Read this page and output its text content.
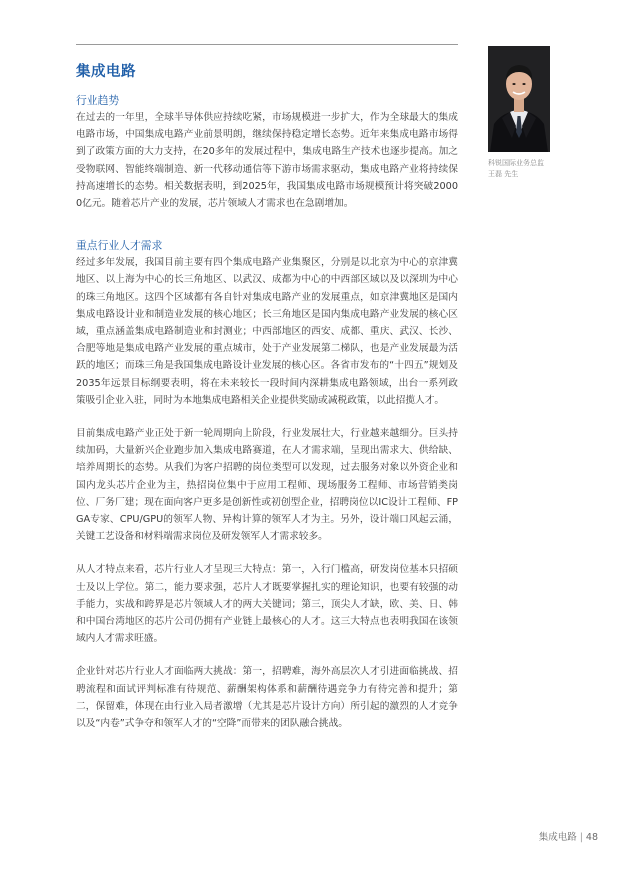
集成电路
科锐国际业务总监
王磊 先生
行业趋势

在过去的一年里，全球半导体供应持续吃紧，市场规模进一步扩大，作为全球最大的集成电路市场，中国集成电路产业前景明朗，继续保持稳定增长态势。近年来集成电路市场得到了政策方面的大力支持，在20多年的发展过程中，集成电路生产技术也逐步提高。加之受物联网、智能终端制造、新一代移动通信等下游市场需求驱动，集成电路产业将持续保持高速增长的态势。相关数据表明，到2025年，我国集成电路市场规模预计将突破20000亿元。随着芯片产业的发展，芯片领域人才需求也在急剧增加。

重点行业人才需求

经过多年发展，我国目前主要有四个集成电路产业集聚区，分别是以北京为中心的京津冀地区、以上海为中心的长三角地区、以武汉、成都为中心的中西部区域以及以深圳为中心的珠三角地区。这四个区域都有各自针对集成电路产业的发展重点，如京津冀地区是国内集成电路设计业和制造业发展的核心地区；长三角地区是国内集成电路产业发展的核心区域，重点涵盖集成电路制造业和封测业；中西部地区的西安、成都、重庆、武汉、长沙、合肥等地是集成电路产业发展的重点城市，处于产业发展第二梯队，也是产业发展最为活跃的地区；而珠三角是我国集成电路设计业发展的核心区。各省市发布的“十四五”规划及2035年远景目标纲要表明，将在未来较长一段时间内深耕集成电路领域，出台一系列政策吸引企业入驻，同时为本地集成电路相关企业提供奖励或减税政策，以此招揽人才。

目前集成电路产业正处于新一轮周期向上阶段，行业发展壮大，行业越来越细分。巨头持续加码，大量新兴企业跑步加入集成电路赛道，在人才需求端，呈现出需求大、供给缺、培养周期长的态势。从我们为客户招聘的岗位类型可以发现，过去服务对象以外资企业和国内龙头芯片企业为主，热招岗位集中于应用工程师、现场服务工程师、市场营销类岗位、厂务厂建；现在面向客户更多是创新性或初创型企业，招聘岗位以IC设计工程师、FPGA专家、CPU/GPU的领军人物、异构计算的领军人才为主。另外，设计端口风起云涌，关键工艺设备和材料端需求岗位及研发领军人才需求较多。

从人才特点来看，芯片行业人才呈现三大特点：第一，入行门槛高，研发岗位基本只招硕士及以上学位。第二，能力要求强，芯片人才既要掌握扎实的理论知识，也要有较强的动手能力，实战和跨界是芯片领域人才的两大关键词；第三，顶尖人才缺，欧、美、日、韩和中国台湾地区的芯片公司仍拥有产业链上最核心的人才。这三大特点也表明我国在该领域内人才需求旺盛。

企业针对芯片行业人才面临两大挑战：第一，招聘难，海外高层次人才引进面临挑战、招聘流程和面试评判标准有待规范、薪酬架构体系和薪酬待遇竞争力有待完善和提升；第二，保留难，体现在由行业入局者激增（尤其是芯片设计方向）所引起的激烈的人才竞争以及“内卷”式争夺和领军人才的“空降”而带来的团队融合挑战。

集成电路 | 48
